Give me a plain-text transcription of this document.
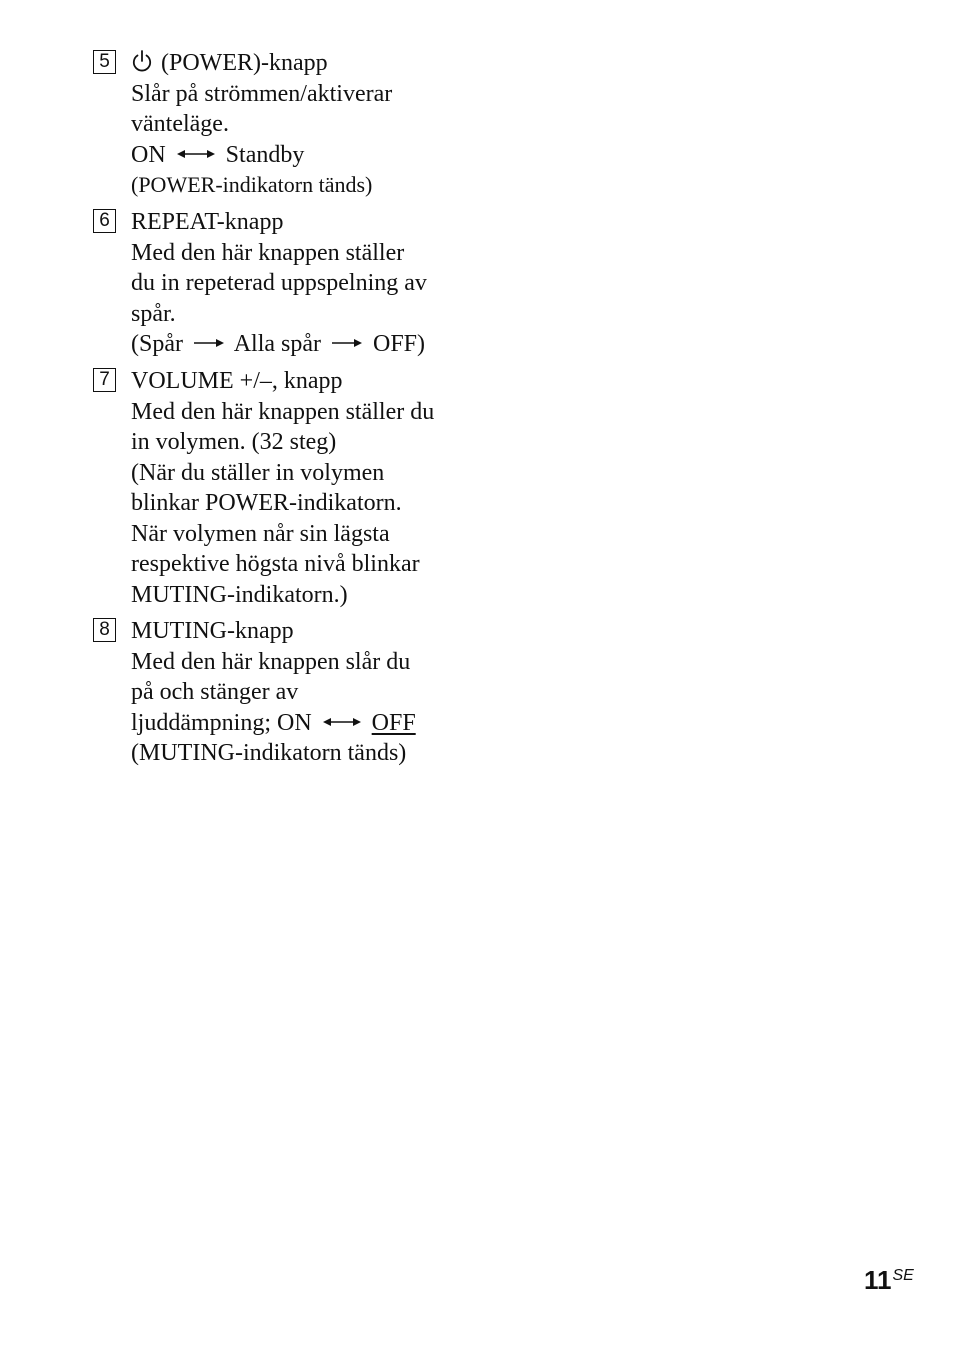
5	(POWER)-knapp
Slår på strömmen/aktiverar
vänteläge.
ON	Standby
(POWER-indikatorn tänds)
6 REPEAT-knapp
Med den här knappen ställer
du in repeterad uppspelning av
spår.
(Spår Alla spår OFF)
7 VOLUME +/–, knapp
Med den här knappen ställer du
in volymen. (32 steg)
(När du ställer in volymen
blinkar POWER-indikatorn.
När volymen når sin lägsta
respektive högsta nivå blinkar
MUTING-indikatorn.)
8 MUTING-knapp
Med den här knappen slår du
på och stänger av
ljuddämpning; ON	OFF
(MUTING-indikatorn tänds)
11SE
